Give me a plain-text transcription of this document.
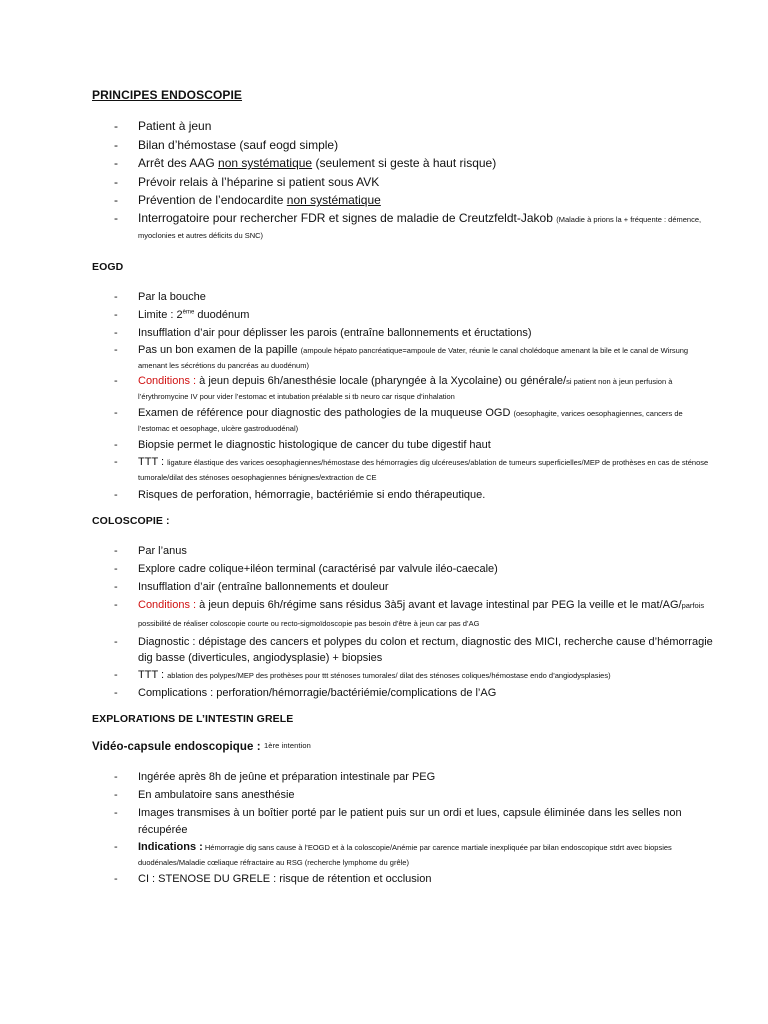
PRINCIPES ENDOSCOPIE

- Patient à jeun
- Bilan d’hémostase (sauf eogd simple)
- Arrêt des AAG non systématique (seulement si geste à haut risque)
- Prévoir relais à l’héparine si patient sous AVK
- Prévention de l’endocardite non systématique
- Interrogatoire pour rechercher FDR et signes de maladie de Creutzfeldt-Jakob (Maladie à prions la + fréquente : démence, myoclonies et autres déficits du SNC)

EOGD

- Par la bouche
- Limite : 2ème duodénum
- Insufflation d’air pour déplisser les parois (entraîne ballonnements et éructations)
- Pas un bon examen de la papille (ampoule hépato pancréatique=ampoule de Vater, réunie le canal cholédoque amenant la bile et le canal de Wirsung amenant les sécrétions du pancréas au duodénum)
- Conditions : à jeun depuis 6h/anesthésie locale (pharyngée à la Xycolaine) ou générale/si patient non à jeun perfusion à l’érythromycine IV pour vider l’estomac et intubation préalable si tb neuro car risque d’inhalation
- Examen de référence pour diagnostic des pathologies de la muqueuse OGD (oesophagite, varices oesophagiennes, cancers de l’estomac et oesophage, ulcère gastroduodénal)
- Biopsie permet le diagnostic histologique de cancer du tube digestif haut
- TTT : ligature élastique des varices oesophagiennes/hémostase des hémorragies dig ulcéreuses/ablation de tumeurs superficielles/MEP de prothèses en cas de sténose tumorale/dilat des sténoses oesophagiennes bénignes/extraction de CE
- Risques de perforation, hémorragie, bactériémie si endo thérapeutique.

COLOSCOPIE :

- Par l’anus
- Explore cadre colique+iléon terminal (caractérisé par valvule iléo-caecale)
- Insufflation d’air (entraîne ballonnements et douleur
- Conditions : à jeun depuis 6h/régime sans résidus 3à5j avant et lavage intestinal par PEG la veille et le mat/AG/parfois possibilité de réaliser coloscopie courte ou recto-sigmoïdoscopie pas besoin d’être à jeun car pas d’AG
- Diagnostic : dépistage des cancers et polypes du colon et rectum, diagnostic des MICI, recherche cause d’hémorragie dig basse (diverticules, angiodysplasie) + biopsies
- TTT : ablation des polypes/MEP des prothèses pour ttt sténoses tumorales/ dilat des sténoses coliques/hémostase endo d’angiodysplasies)
- Complications : perforation/hémorragie/bactériémie/complications de l’AG

EXPLORATIONS DE L’INTESTIN GRELE

Vidéo-capsule endoscopique : $^{1ère intention}$

- Ingérée après 8h de jeûne et préparation intestinale par PEG
- En ambulatoire sans anesthésie
- Images transmises à un boîtier porté par le patient puis sur un ordi et lues, capsule éliminée dans les selles non récupérée
- Indications : Hémorragie dig sans cause à l’EOGD et à la coloscopie/Anémie par carence martiale inexpliquée par bilan endoscopique stdrt avec biopsies duodénales/Maladie cœliaque réfractaire au RSG (recherche lymphome du grêle)
- CI : STENOSE DU GRELE : risque de rétention et occlusion
